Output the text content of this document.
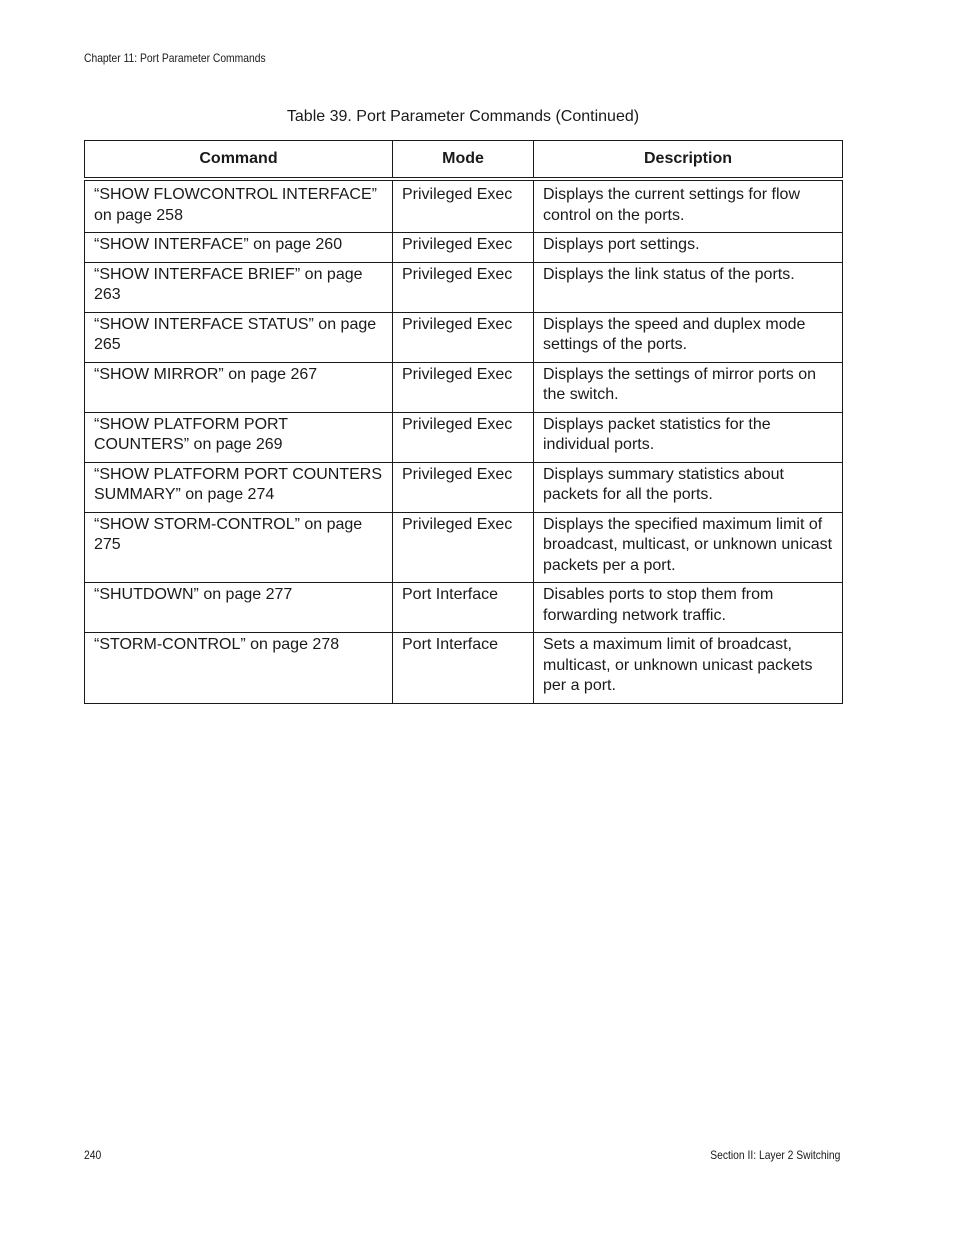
Chapter 11: Port Parameter Commands
Table 39. Port Parameter Commands (Continued)
Command	Mode	Description
“SHOW FLOWCONTROL INTERFACE” on page 258	Privileged Exec	Displays the current settings for flow control on the ports.
“SHOW INTERFACE” on page 260	Privileged Exec	Displays port settings.
“SHOW INTERFACE BRIEF” on page 263	Privileged Exec	Displays the link status of the ports.
“SHOW INTERFACE STATUS” on page 265	Privileged Exec	Displays the speed and duplex mode settings of the ports.
“SHOW MIRROR” on page 267	Privileged Exec	Displays the settings of mirror ports on the switch.
“SHOW PLATFORM PORT COUNTERS” on page 269	Privileged Exec	Displays packet statistics for the individual ports.
“SHOW PLATFORM PORT COUNTERS SUMMARY” on page 274	Privileged Exec	Displays summary statistics about packets for all the ports.
“SHOW STORM-CONTROL” on page 275	Privileged Exec	Displays the specified maximum limit of broadcast, multicast, or unknown unicast packets per a port.
“SHUTDOWN” on page 277	Port Interface	Disables ports to stop them from forwarding network traffic.
“STORM-CONTROL” on page 278	Port Interface	Sets a maximum limit of broadcast, multicast, or unknown unicast packets per a port.
240	Section II: Layer 2 Switching
